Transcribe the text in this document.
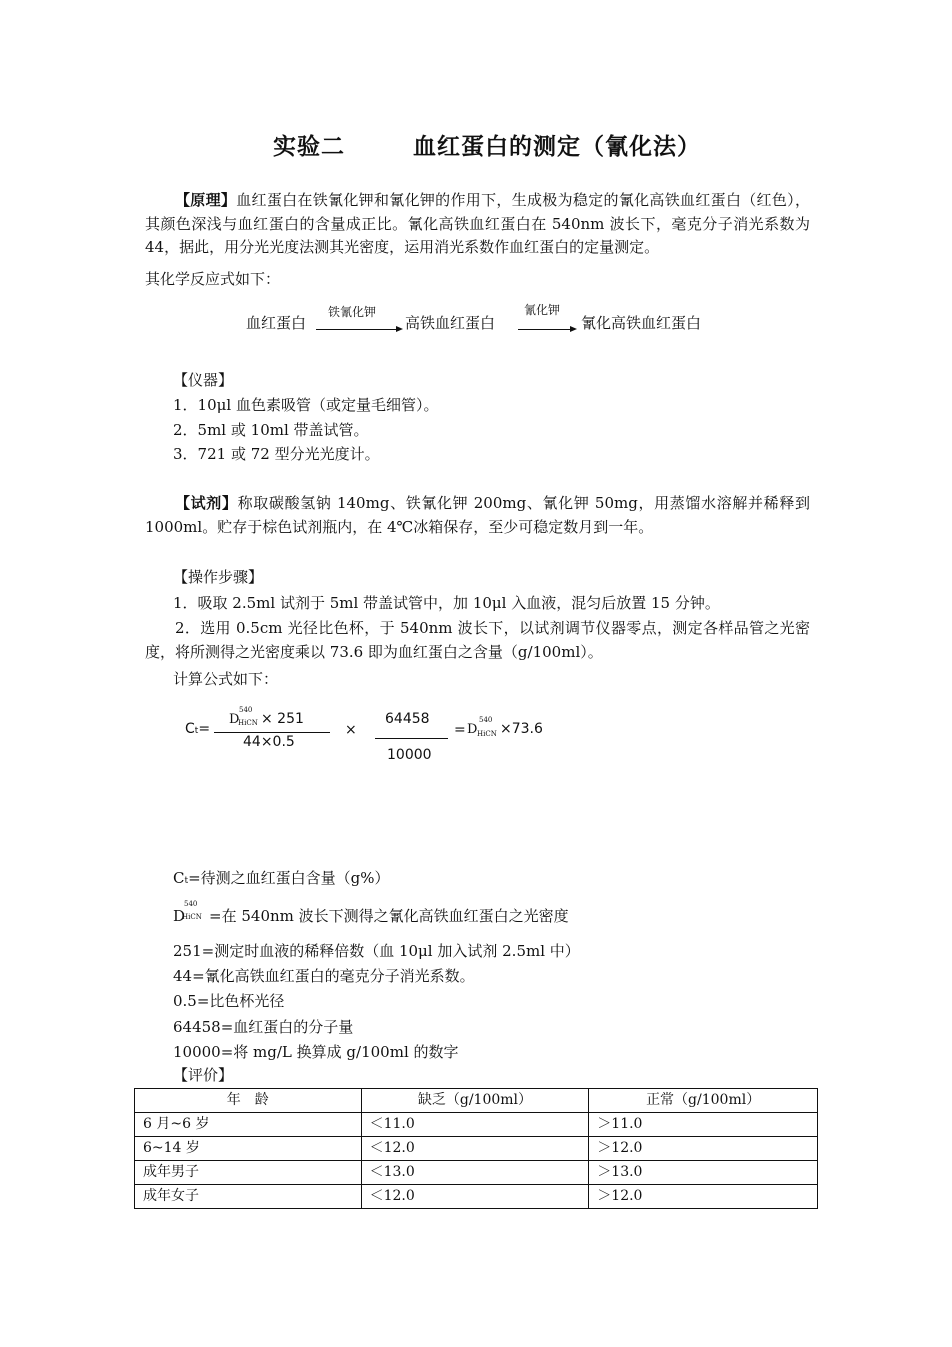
实验二	血红蛋白的测定（氰化法）
【原理】血红蛋白在铁氰化钾和氰化钾的作用下，生成极为稳定的氰化高铁血红蛋白（红色），其颜色深浅与血红蛋白的含量成正比。氰化高铁血红蛋白在 540nm 波长下，毫克分子消光系数为 44，据此，用分光光度法测其光密度，运用消光系数作血红蛋白的定量测定。
其化学反应式如下：
血红蛋白
铁氰化钾
高铁血红蛋白
氰化钾
氰化高铁血红蛋白
【仪器】
1．10μl 血色素吸管（或定量毛细管）。
2．5ml 或 10ml 带盖试管。
3．721 或 72 型分光光度计。
【试剂】称取碳酸氢钠 140mg、铁氰化钾 200mg、氰化钾 50mg，用蒸馏水溶解并稀释到 1000ml。贮存于棕色试剂瓶内，在 4℃冰箱保存，至少可稳定数月到一年。
【操作步骤】
1．吸取 2.5ml 试剂于 5ml 带盖试管中，加 10μl 入血液，混匀后放置 15 分钟。
2．选用 0.5cm 光径比色杯，于 540nm 波长下，以试剂调节仪器零点，测定各样品管之光密度，将所测得之光密度乘以 73.6 即为血红蛋白之含量（g/100ml）。
计算公式如下：
Ct=
D
540
HiCN × 251
44×0.5
×
64458
10000
= D
540
HiCN ×73.6
Ct=待测之血红蛋白含量（g%）
D =在 540nm 波长下测得之氰化高铁血红蛋白之光密度
540
HiCN
251=测定时血液的稀释倍数（血 10μl 加入试剂 2.5ml 中）
44=氰化高铁血红蛋白的毫克分子消光系数。
0.5=比色杯光径
64458=血红蛋白的分子量
10000=将 mg/L 换算成 g/100ml 的数字
【评价】
年　龄	缺乏（g/100ml）	正常（g/100ml）
6 月~6 岁	＜11.0	＞11.0
6~14 岁	＜12.0	＞12.0
成年男子	＜13.0	＞13.0
成年女子	＜12.0	＞12.0
